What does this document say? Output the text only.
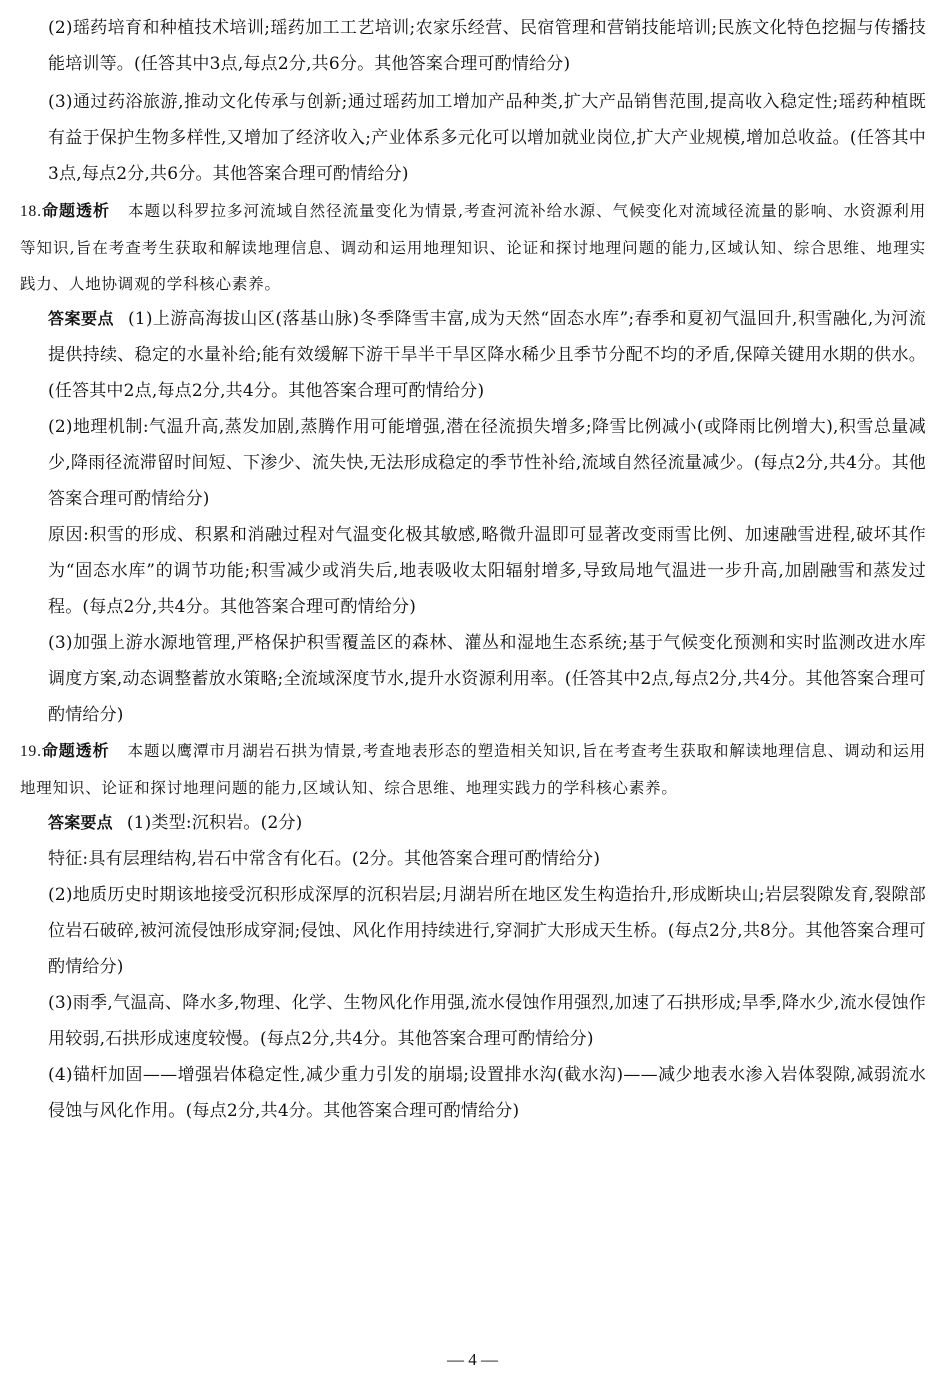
(2)瑶药培育和种植技术培训;瑶药加工工艺培训;农家乐经营、民宿管理和营销技能培训;民族文化特色挖掘与传播技能培训等。(任答其中3点,每点2分,共6分。其他答案合理可酌情给分)

(3)通过药浴旅游,推动文化传承与创新;通过瑶药加工增加产品种类,扩大产品销售范围,提高收入稳定性;瑶药种植既有益于保护生物多样性,又增加了经济收入;产业体系多元化可以增加就业岗位,扩大产业规模,增加总收益。(任答其中3点,每点2分,共6分。其他答案合理可酌情给分)

18.命题透析 本题以科罗拉多河流域自然径流量变化为情景,考查河流补给水源、气候变化对流域径流量的影响、水资源利用等知识,旨在考查考生获取和解读地理信息、调动和运用地理知识、论证和探讨地理问题的能力,区域认知、综合思维、地理实践力、人地协调观的学科核心素养。

答案要点 (1)上游高海拔山区(落基山脉)冬季降雪丰富,成为天然“固态水库”;春季和夏初气温回升,积雪融化,为河流提供持续、稳定的水量补给;能有效缓解下游干旱半干旱区降水稀少且季节分配不均的矛盾,保障关键用水期的供水。(任答其中2点,每点2分,共4分。其他答案合理可酌情给分)

(2)地理机制:气温升高,蒸发加剧,蒸腾作用可能增强,潜在径流损失增多;降雪比例减小(或降雨比例增大),积雪总量减少,降雨径流滞留时间短、下渗少、流失快,无法形成稳定的季节性补给,流域自然径流量减少。(每点2分,共4分。其他答案合理可酌情给分)

原因:积雪的形成、积累和消融过程对气温变化极其敏感,略微升温即可显著改变雨雪比例、加速融雪进程,破坏其作为“固态水库”的调节功能;积雪减少或消失后,地表吸收太阳辐射增多,导致局地气温进一步升高,加剧融雪和蒸发过程。(每点2分,共4分。其他答案合理可酌情给分)

(3)加强上游水源地管理,严格保护积雪覆盖区的森林、灌丛和湿地生态系统;基于气候变化预测和实时监测改进水库调度方案,动态调整蓄放水策略;全流域深度节水,提升水资源利用率。(任答其中2点,每点2分,共4分。其他答案合理可酌情给分)

19.命题透析 本题以鹰潭市月湖岩石拱为情景,考查地表形态的塑造相关知识,旨在考查考生获取和解读地理信息、调动和运用地理知识、论证和探讨地理问题的能力,区域认知、综合思维、地理实践力的学科核心素养。

答案要点 (1)类型:沉积岩。(2分)

特征:具有层理结构,岩石中常含有化石。(2分。其他答案合理可酌情给分)

(2)地质历史时期该地接受沉积形成深厚的沉积岩层;月湖岩所在地区发生构造抬升,形成断块山;岩层裂隙发育,裂隙部位岩石破碎,被河流侵蚀形成穿洞;侵蚀、风化作用持续进行,穿洞扩大形成天生桥。(每点2分,共8分。其他答案合理可酌情给分)

(3)雨季,气温高、降水多,物理、化学、生物风化作用强,流水侵蚀作用强烈,加速了石拱形成;旱季,降水少,流水侵蚀作用较弱,石拱形成速度较慢。(每点2分,共4分。其他答案合理可酌情给分)

(4)锚杆加固——增强岩体稳定性,减少重力引发的崩塌;设置排水沟(截水沟)——减少地表水渗入岩体裂隙,减弱流水侵蚀与风化作用。(每点2分,共4分。其他答案合理可酌情给分)

— 4 —
